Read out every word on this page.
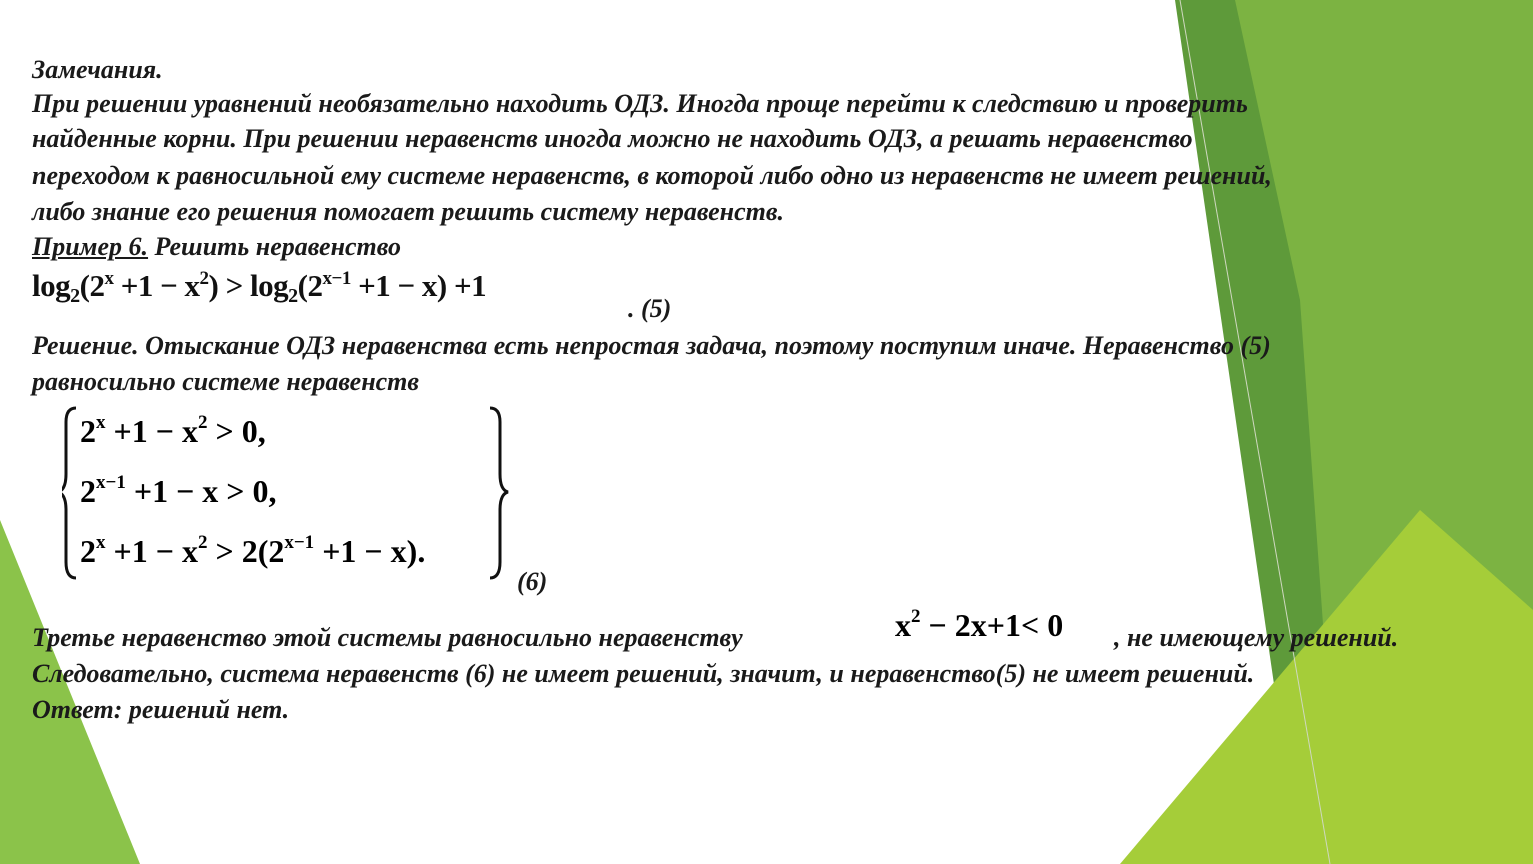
Замечания.
При решении уравнений необязательно находить ОДЗ. Иногда проще перейти к следствию и проверить
найденные корни. При решении неравенств иногда можно не находить ОДЗ, а решать неравенство
переходом к равносильной ему системе неравенств, в которой либо одно из неравенств не имеет решений,
либо знание его решения помогает решить систему неравенств.
Пример 6. Решить неравенство
$\log_2(2^x +1 - x^2) > \log_2(2^{x-1} +1 - x) +1$
. (5)
Решение. Отыскание ОДЗ неравенства есть непростая задача, поэтому поступим иначе. Неравенство (5)
равносильно системе неравенств
$2^x +1 - x^2 > 0$,
$2^{x-1} +1 - x > 0$,
$2^x +1 - x^2 > 2(2^{x-1} +1 - x)$.
(6)
Третье неравенство этой системы равносильно неравенству	$x^2 - 2x+1< 0$ , не имеющему решений.
Следовательно, система неравенств (6) не имеет решений, значит, и неравенство(5) не имеет решений.
Ответ: решений нет.
